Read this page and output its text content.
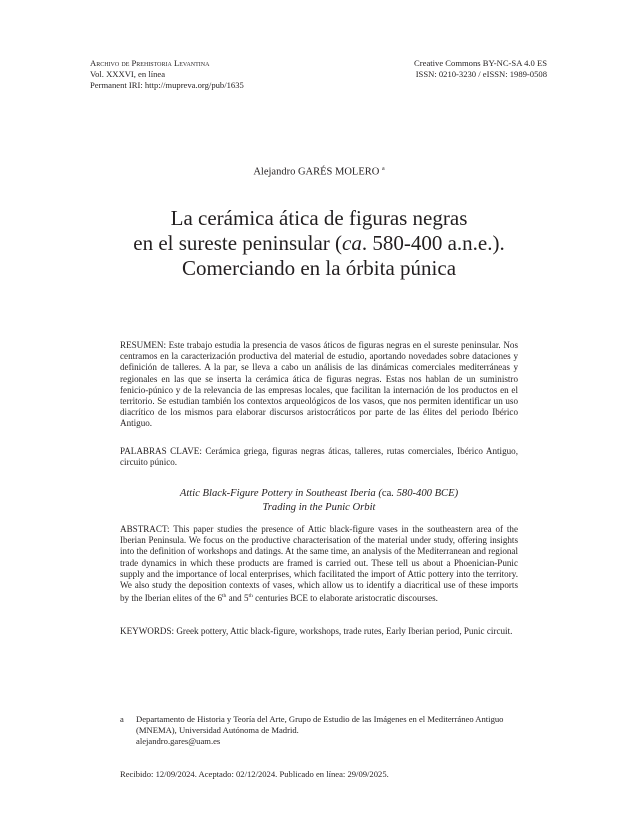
Archivo de Prehistoria Levantina
Vol. XXXVI, en línea
Permanent IRI: http://mupreva.org/pub/1635
Creative Commons BY-NC-SA 4.0 ES
ISSN: 0210-3230 / eISSN: 1989-0508
Alejandro GARÉS MOLERO $^a$

La cerámica ática de figuras negras

en el sureste peninsular (ca. 580-400 a.n.e.).

Comerciando en la órbita púnica

RESUMEN: Este trabajo estudia la presencia de vasos áticos de figuras negras en el sureste peninsular. Nos centramos en la caracterización productiva del material de estudio, aportando novedades sobre dataciones y definición de talleres. A la par, se lleva a cabo un análisis de las dinámicas comerciales mediterráneas y regionales en las que se inserta la cerámica ática de figuras negras. Estas nos hablan de un suministro fenicio-púnico y de la relevancia de las empresas locales, que facilitan la internación de los productos en el territorio. Se estudian también los contextos arqueológicos de los vasos, que nos permiten identificar un uso diacrítico de los mismos para elaborar discursos aristocráticos por parte de las élites del periodo Ibérico Antiguo.

PALABRAS CLAVE: Cerámica griega, figuras negras áticas, talleres, rutas comerciales, Ibérico Antiguo, circuito púnico.

Attic Black-Figure Pottery in Southeast Iberia (ca. 580-400 BCE)
Trading in the Punic Orbit

ABSTRACT: This paper studies the presence of Attic black-figure vases in the southeastern area of the Iberian Peninsula. We focus on the productive characterisation of the material under study, offering insights into the definition of workshops and datings. At the same time, an analysis of the Mediterranean and regional trade dynamics in which these products are framed is carried out. These tell us about a Phoenician-Punic supply and the importance of local enterprises, which facilitated the import of Attic pottery into the territory. We also study the deposition contexts of vases, which allow us to identify a diacritical use of these imports by the Iberian elites of the 6th and 5th centuries BCE to elaborate aristocratic discourses.

KEYWORDS: Greek pottery, Attic black-figure, workshops, trade rutes, Early Iberian period, Punic circuit.

a	Departamento de Historia y Teoría del Arte, Grupo de Estudio de las Imágenes en el Mediterráneo Antiguo
(MNEMA), Universidad Autónoma de Madrid.
alejandro.gares@uam.es
Recibido: 12/09/2024. Aceptado: 02/12/2024. Publicado en línea: 29/09/2025.
